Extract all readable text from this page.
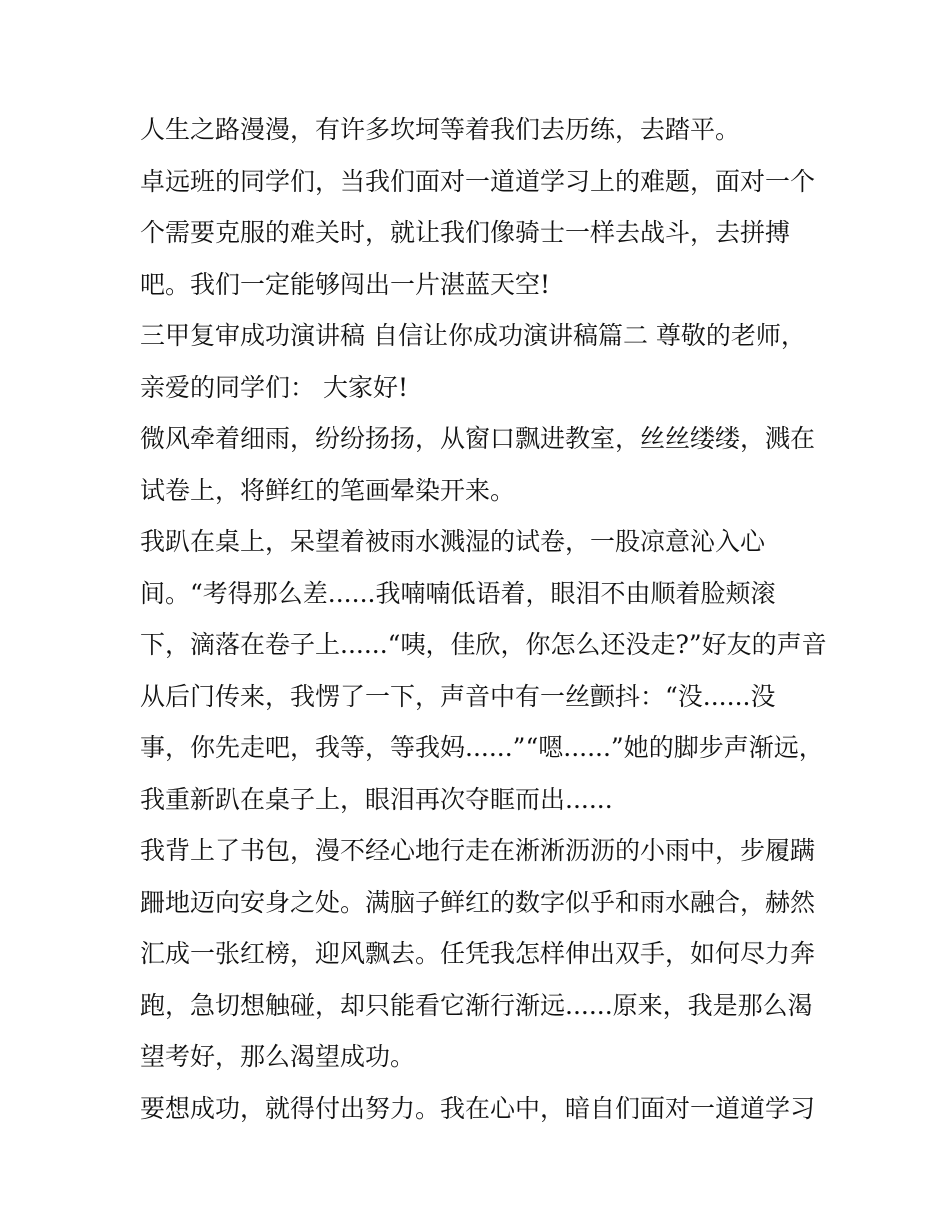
人生之路漫漫，有许多坎坷等着我们去历练，去踏平。
卓远班的同学们，当我们面对一道道学习上的难题，面对一个
个需要克服的难关时，就让我们像骑士一样去战斗，去拼搏
吧。我们一定能够闯出一片湛蓝天空!
三甲复审成功演讲稿 自信让你成功演讲稿篇二 尊敬的老师，
亲爱的同学们： 大家好!
微风牵着细雨，纷纷扬扬，从窗口飘进教室，丝丝缕缕，溅在
试卷上，将鲜红的笔画晕染开来。
我趴在桌上，呆望着被雨水溅湿的试卷，一股凉意沁入心
间。“考得那么差......我喃喃低语着，眼泪不由顺着脸颊滚
下，滴落在卷子上......“咦，佳欣，你怎么还没走?”好友的声音
从后门传来，我愣了一下，声音中有一丝颤抖：“没......没
事，你先走吧，我等，等我妈......”“嗯......”她的脚步声渐远，
我重新趴在桌子上，眼泪再次夺眶而出......
我背上了书包，漫不经心地行走在淅淅沥沥的小雨中，步履蹒
跚地迈向安身之处。满脑子鲜红的数字似乎和雨水融合，赫然
汇成一张红榜，迎风飘去。任凭我怎样伸出双手，如何尽力奔
跑，急切想触碰，却只能看它渐行渐远......原来，我是那么渴
望考好，那么渴望成功。
要想成功，就得付出努力。我在心中，暗自们面对一道道学习
